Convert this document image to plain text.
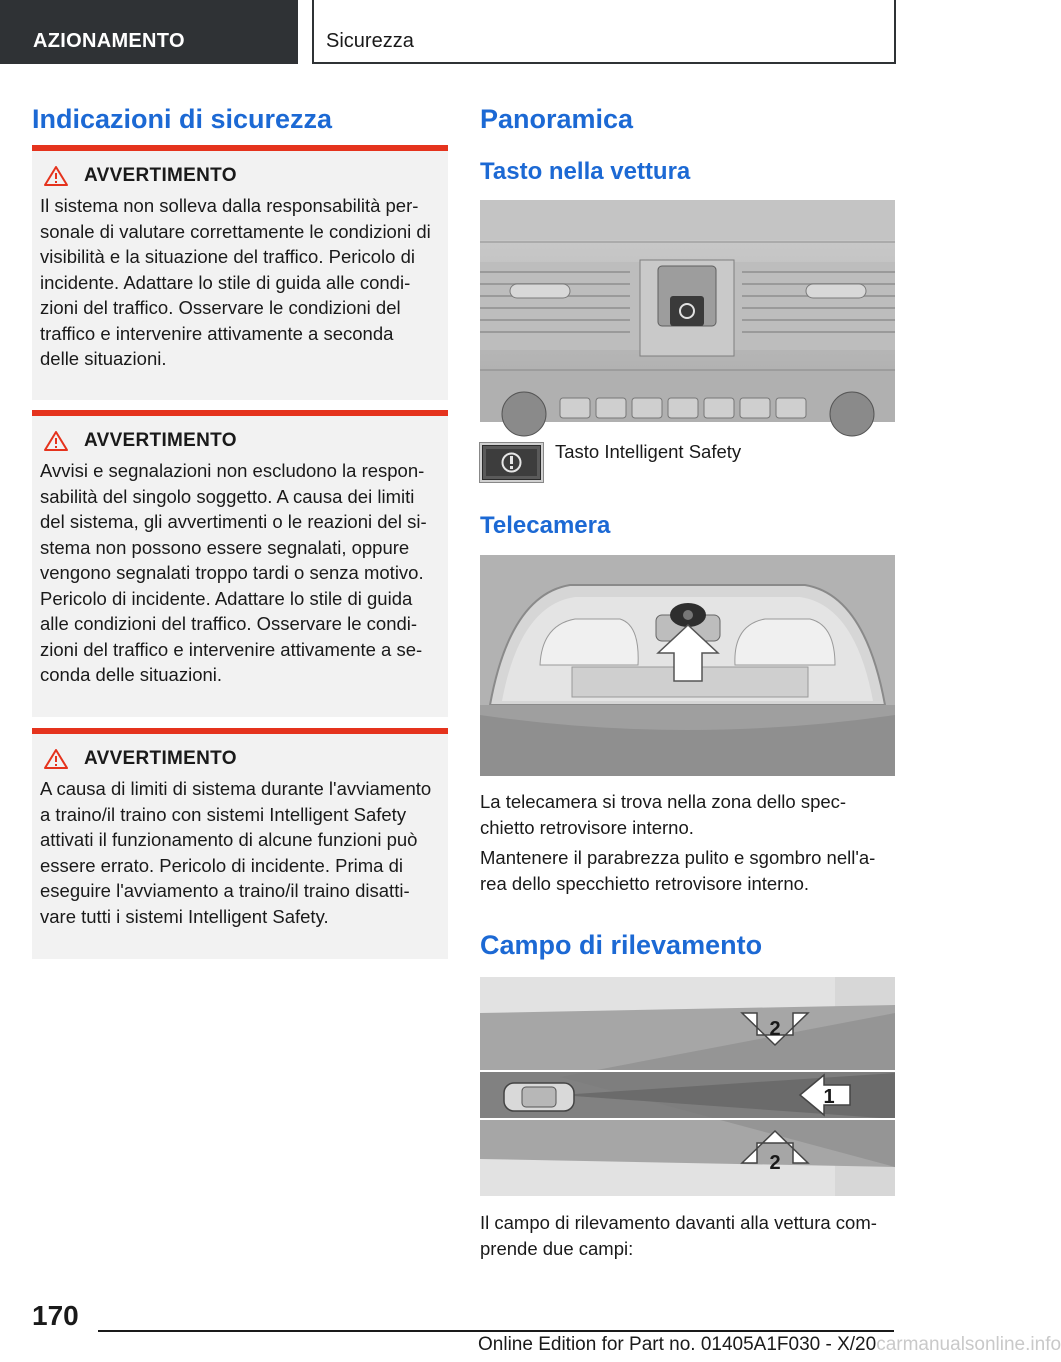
AZIONAMENTO	Sicurezza
Indicazioni di sicurezza
AVVERTIMENTO
Il sistema non solleva dalla responsabilità per-
sonale di valutare correttamente le condizioni di
visibilità e la situazione del traffico. Pericolo di
incidente. Adattare lo stile di guida alle condi-
zioni del traffico. Osservare le condizioni del
traffico e intervenire attivamente a seconda
delle situazioni.
AVVERTIMENTO
Avvisi e segnalazioni non escludono la respon-
sabilità del singolo soggetto. A causa dei limiti
del sistema, gli avvertimenti o le reazioni del si-
stema non possono essere segnalati, oppure
vengono segnalati troppo tardi o senza motivo.
Pericolo di incidente. Adattare lo stile di guida
alle condizioni del traffico. Osservare le condi-
zioni del traffico e intervenire attivamente a se-
conda delle situazioni.
AVVERTIMENTO
A causa di limiti di sistema durante l'avviamento
a traino/il traino con sistemi Intelligent Safety
attivati il funzionamento di alcune funzioni può
essere errato. Pericolo di incidente. Prima di
eseguire l'avviamento a traino/il traino disatti-
vare tutti i sistemi Intelligent Safety.
Panoramica
Tasto nella vettura
Tasto Intelligent Safety
Telecamera
La telecamera si trova nella zona dello spec-
chietto retrovisore interno.
Mantenere il parabrezza pulito e sgombro nell'a-
rea dello specchietto retrovisore interno.
Campo di rilevamento
2
2
1
Il campo di rilevamento davanti alla vettura com-
prende due campi:
170
Online Edition for Part no. 01405A1F030 - X/20carmanualsonline.info
